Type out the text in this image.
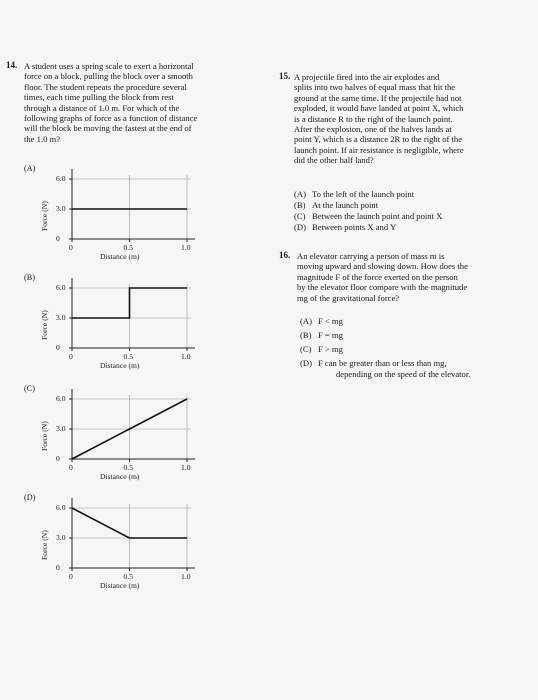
14. A student uses a spring scale to exert a horizontal
force on a block, pulling the block over a smooth
floor. The student repeats the procedure several
times, each time pulling the block from rest
through a distance of 1.0 m. For which of the
following graphs of force as a function of distance
will the block be moving the fastest at the end of
the 1.0 m?
(A)
6.0
3.0
0
0	0.5	1.0
Distance (m)
Force (N)
(B)
6.0
3.0
0
0	0.5	1.0
Distance (m)
Force (N)
(C)
6.0
3.0
0
0	0.5	1.0
Distance (m)
Force (N)
(D)
6.0
3.0
0
0	0.5	1.0
Distance (m)
Force (N)
15. A projectile fired into the air explodes and
splits into two halves of equal mass that hit the
ground at the same time. If the projectile had not
exploded, it would have landed at point X, which
is a distance R to the right of the launch point.
After the explosion, one of the halves lands at
point Y, which is a distance 2R to the right of the
launch point. If air resistance is negligible, where
did the other half land?
(A) To the left of the launch point
(B) At the launch point
(C) Between the launch point and point X
(D) Between points X and Y
16. An elevator carrying a person of mass m is
moving upward and slowing down. How does the
magnitude F of the force exerted on the person
by the elevator floor compare with the magnitude
mg of the gravitational force?
(A) F < mg
(B) F = mg
(C) F > mg
(D) F can be greater than or less than mg,
depending on the speed of the elevator.
